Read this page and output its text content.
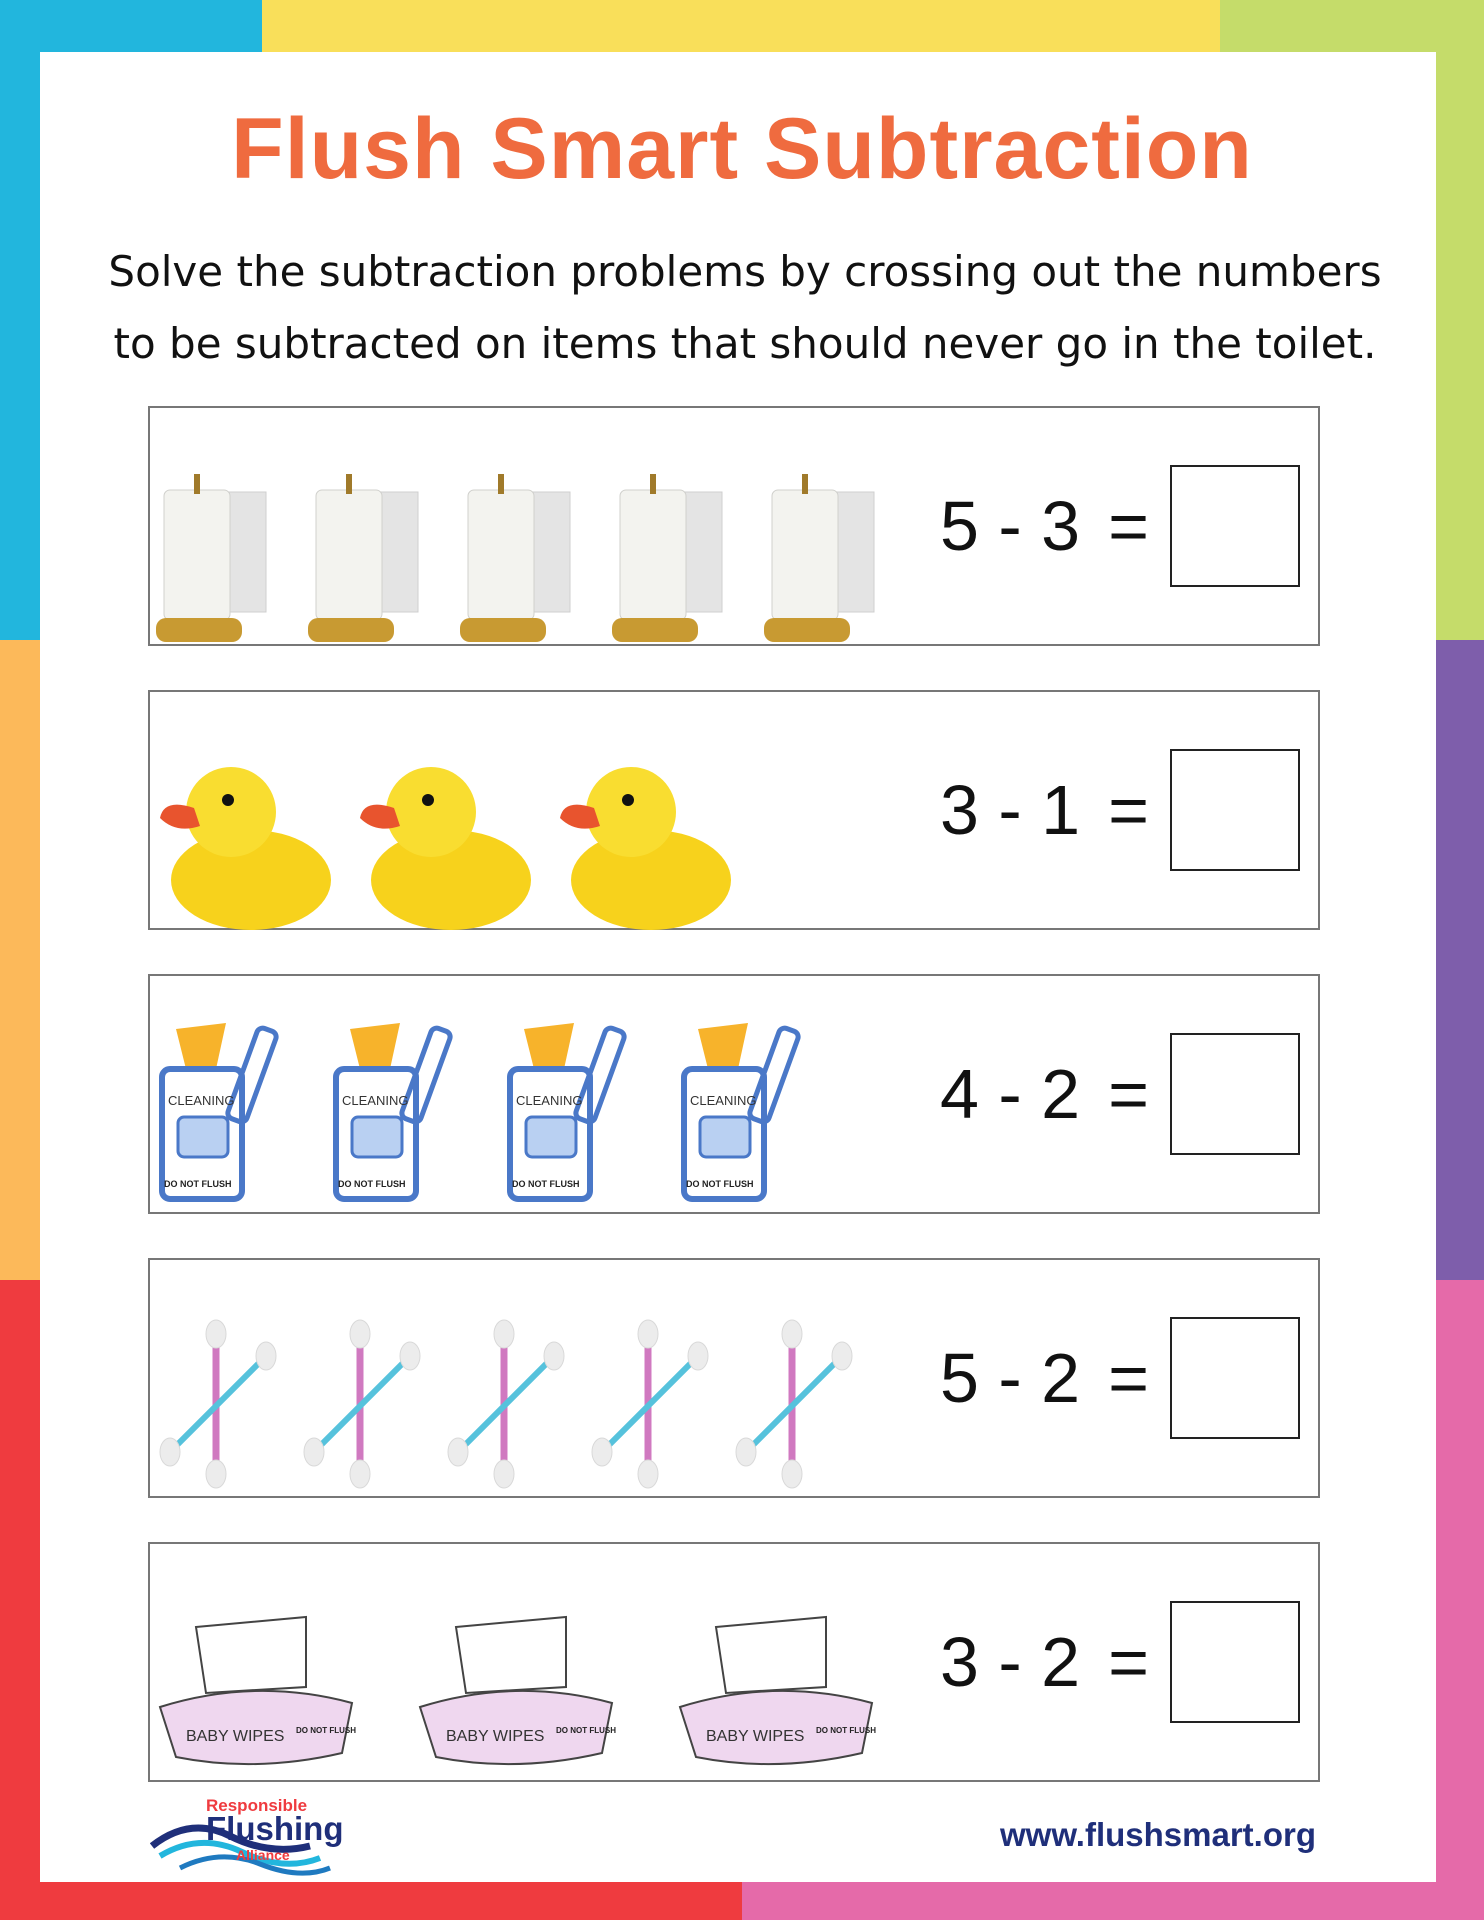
Flush Smart Subtraction
Solve the subtraction problems by crossing out the numbers
to be subtracted on items that should never go in the toilet.
5 - 3 =
3 - 1 =
CLEANING
DO NOT FLUSH
CLEANING
DO NOT FLUSH
CLEANING
DO NOT FLUSH
CLEANING
DO NOT FLUSH
4 - 2 =
5 - 2 =
BABY WIPES DO NOT FLUSH	BABY WIPES DO NOT FLUSH	BABY WIPES DO NOT FLUSH
3 - 2 =
Responsible
Flushing
Alliance
www.flushsmart.org
